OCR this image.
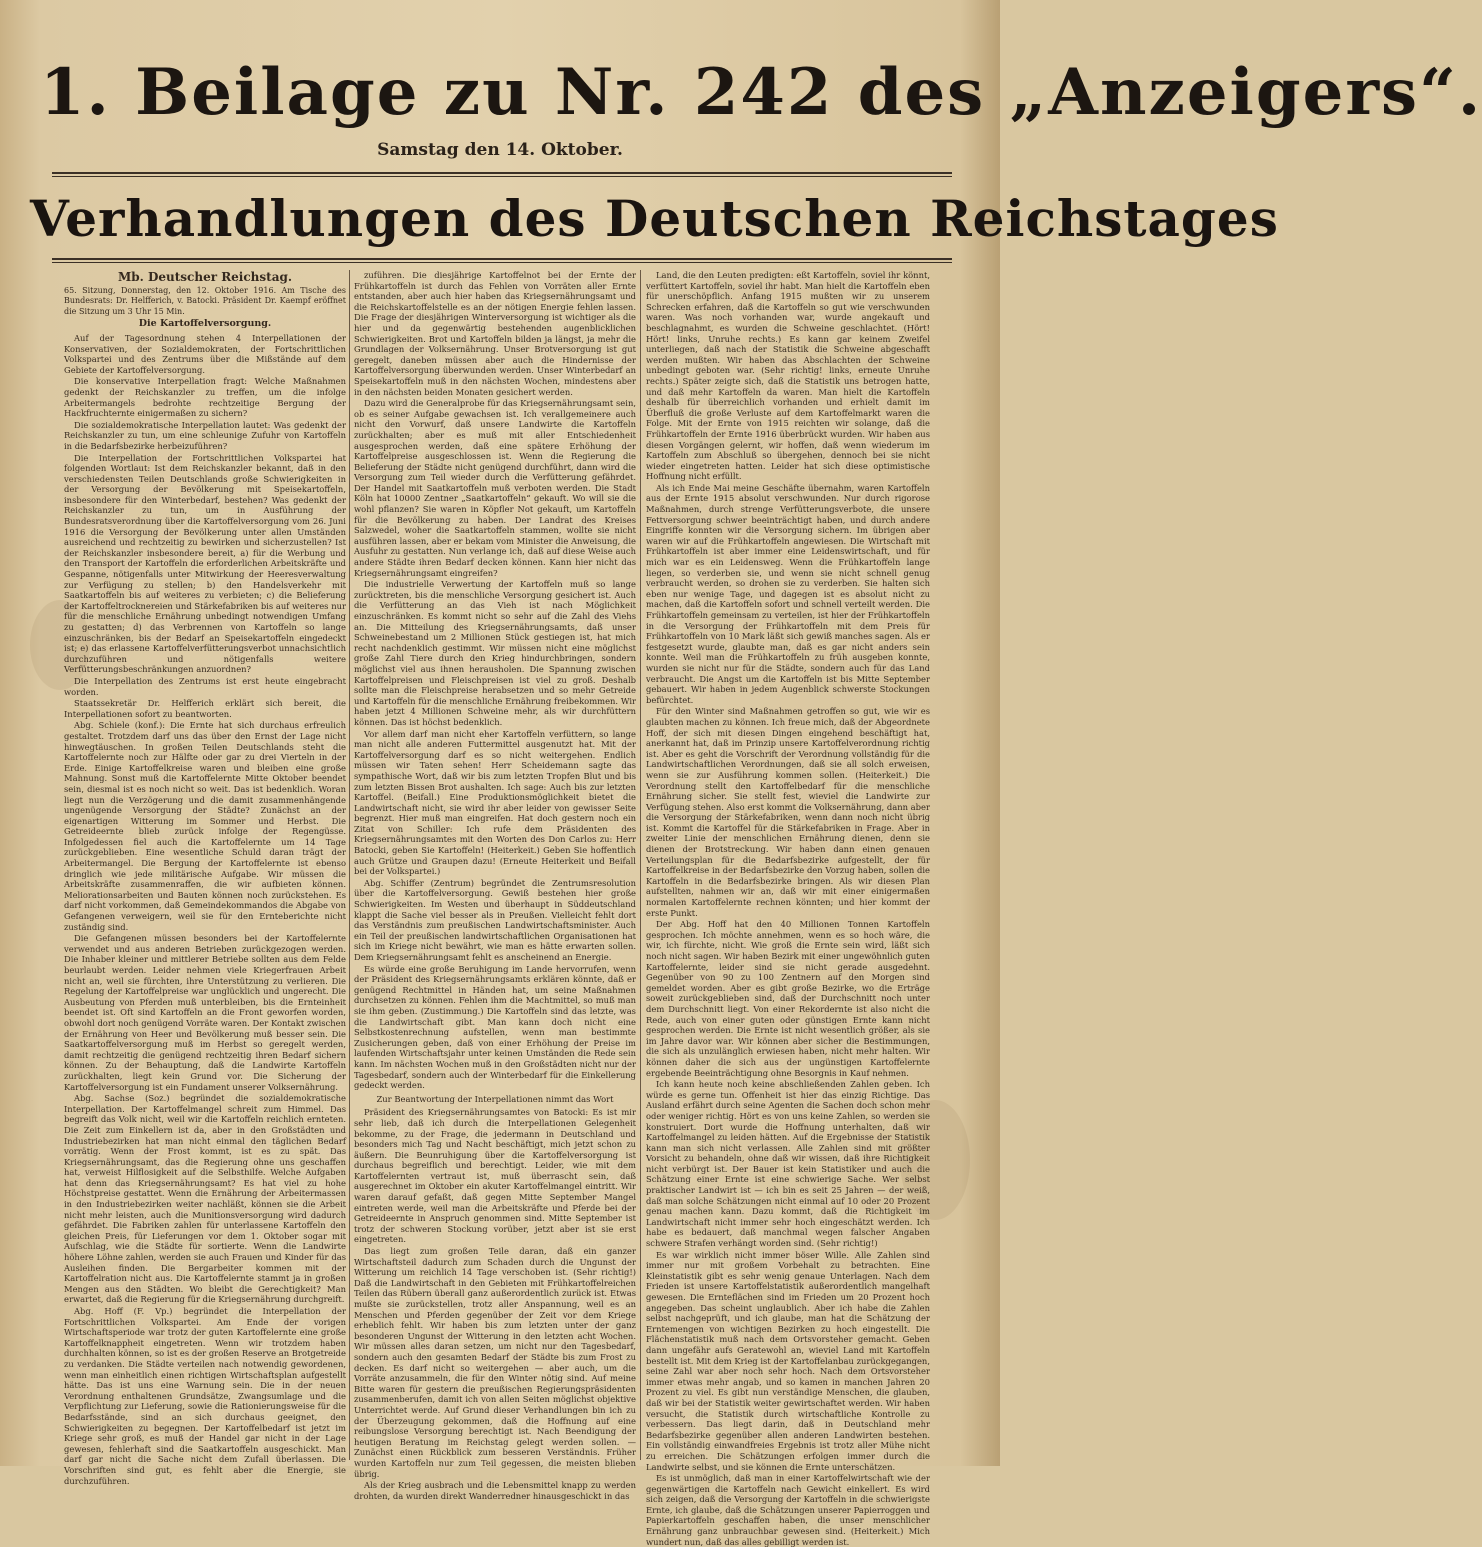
1. Beilage zu Nr. 242 des „Anzeigers“.
Samstag den 14. Oktober.
Verhandlungen des Deutschen Reichstages

Mb. Deutscher Reichstag.

65. Sitzung, Donnerstag, den 12. Oktober 1916. Am Tische des Bundesrats: Dr. Helfferich, v. Batocki. Präsident Dr. Kaempf eröffnet die Sitzung um 3 Uhr 15 Min.

Die Kartoffelversorgung.

Auf der Tagesordnung stehen 4 Interpellationen der Konservativen, der Sozialdemokraten, der Fortschrittlichen Volkspartei und des Zentrums über die Mißstände auf dem Gebiete der Kartoffelversorgung.

Die konservative Interpellation fragt: Welche Maßnahmen gedenkt der Reichskanzler zu treffen, um die infolge Arbeitermangels bedrohte rechtzeitige Bergung der Hackfruchternte einigermaßen zu sichern?

Die sozialdemokratische Interpellation lautet: Was gedenkt der Reichskanzler zu tun, um eine schleunige Zufuhr von Kartoffeln in die Bedarfsbezirke herbeizuführen?

Die Interpellation der Fortschrittlichen Volkspartei hat folgenden Wortlaut: Ist dem Reichskanzler bekannt, daß in den verschiedensten Teilen Deutschlands große Schwierigkeiten in der Versorgung der Bevölkerung mit Speisekartoffeln, insbesondere für den Winterbedarf, bestehen? Was gedenkt der Reichskanzler zu tun, um in Ausführung der Bundesratsverordnung über die Kartoffelversorgung vom 26. Juni 1916 die Versorgung der Bevölkerung unter allen Umständen ausreichend und rechtzeitig zu bewirken und sicherzustellen? Ist der Reichskanzler insbesondere bereit, a) für die Werbung und den Transport der Kartoffeln die erforderlichen Arbeitskräfte und Gespanne, nötigenfalls unter Mitwirkung der Heeresverwaltung zur Verfügung zu stellen; b) den Handelsverkehr mit Saatkartoffeln bis auf weiteres zu verbieten; c) die Belieferung der Kartoffeltrocknereien und Stärkefabriken bis auf weiteres nur für die menschliche Ernährung unbedingt notwendigen Umfang zu gestatten; d) das Verbrennen von Kartoffeln so lange einzuschränken, bis der Bedarf an Speisekartoffeln eingedeckt ist; e) das erlassene Kartoffelverfütterungsverbot unnachsichtlich durchzuführen und nötigenfalls weitere Verfütterungsbeschränkungen anzuordnen?

Die Interpellation des Zentrums ist erst heute eingebracht worden.

Staatssekretär Dr. Helfferich erklärt sich bereit, die Interpellationen sofort zu beantworten.

Abg. Schiele (konf.): Die Ernte hat sich durchaus erfreulich gestaltet. Trotzdem darf uns das über den Ernst der Lage nicht hinwegtäuschen. In großen Teilen Deutschlands steht die Kartoffelernte noch zur Hälfte oder gar zu drei Vierteln in der Erde. Einige Kartoffelkreise waren und bleiben eine große Mahnung. Sonst muß die Kartoffelernte Mitte Oktober beendet sein, diesmal ist es noch nicht so weit. Das ist bedenklich. Woran liegt nun die Verzögerung und die damit zusammenhängende ungenügende Versorgung der Städte? Zunächst an der eigenartigen Witterung im Sommer und Herbst. Die Getreideernte blieb zurück infolge der Regengüsse. Infolgedessen fiel auch die Kartoffelernte um 14 Tage zurückgeblieben. Eine wesentliche Schuld daran trägt der Arbeitermangel. Die Bergung der Kartoffelernte ist ebenso dringlich wie jede militärische Aufgabe. Wir müssen die Arbeitskräfte zusammenraffen, die wir aufbieten können. Meliorationsarbeiten und Bauten können noch zurückstehen. Es darf nicht vorkommen, daß Gemeindekommandos die Abgabe von Gefangenen verweigern, weil sie für den Ernteberichte nicht zuständig sind.

Die Gefangenen müssen besonders bei der Kartoffelernte verwendet und aus anderen Betrieben zurückgezogen werden. Die Inhaber kleiner und mittlerer Betriebe sollten aus dem Felde beurlaubt werden. Leider nehmen viele Kriegerfrauen Arbeit nicht an, weil sie fürchten, ihre Unterstützung zu verlieren. Die Regelung der Kartoffelpreise war unglücklich und ungerecht. Die Ausbeutung von Pferden muß unterbleiben, bis die Ernteinheit beendet ist. Oft sind Kartoffeln an die Front geworfen worden, obwohl dort noch genügend Vorräte waren. Der Kontakt zwischen der Ernährung von Heer und Bevölkerung muß besser sein. Die Saatkartoffelversorgung muß im Herbst so geregelt werden, damit rechtzeitig die genügend rechtzeitig ihren Bedarf sichern können. Zu der Behauptung, daß die Landwirte Kartoffeln zurückhalten, liegt kein Grund vor. Die Sicherung der Kartoffelversorgung ist ein Fundament unserer Volksernährung.

Abg. Sachse (Soz.) begründet die sozialdemokratische Interpellation. Der Kartoffelmangel schreit zum Himmel. Das begreift das Volk nicht, weil wir die Kartoffeln reichlich ernteten. Die Zeit zum Einkellern ist da, aber in den Großstädten und Industriebezirken hat man nicht einmal den täglichen Bedarf vorrätig. Wenn der Frost kommt, ist es zu spät. Das Kriegsernährungsamt, das die Regierung ohne uns geschaffen hat, verweist Hilflosigkeit auf die Selbsthilfe. Welche Aufgaben hat denn das Kriegsernährungsamt? Es hat viel zu hohe Höchstpreise gestattet. Wenn die Ernährung der Arbeitermassen in den Industriebezirken weiter nachläßt, können sie die Arbeit nicht mehr leisten, auch die Munitionsversorgung wird dadurch gefährdet. Die Fabriken zahlen für unterlassene Kartoffeln den gleichen Preis, für Lieferungen vor dem 1. Oktober sogar mit Aufschlag, wie die Städte für sortierte. Wenn die Landwirte höhere Löhne zahlen, werden sie auch Frauen und Kinder für das Ausleihen finden. Die Bergarbeiter kommen mit der Kartoffelration nicht aus. Die Kartoffelernte stammt ja in großen Mengen aus den Städten. Wo bleibt die Gerechtigkeit? Man erwartet, daß die Regierung für die Kriegsernährung durchgreift.

Abg. Hoff (F. Vp.) begründet die Interpellation der Fortschrittlichen Volkspartei. Am Ende der vorigen Wirtschaftsperiode war trotz der guten Kartoffelernte eine große Kartoffelknappheit eingetreten. Wenn wir trotzdem haben durchhalten können, so ist es der großen Reserve an Brotgetreide zu verdanken. Die Städte verteilen nach notwendig gewordenen, wenn man einheitlich einen richtigen Wirtschaftsplan aufgestellt hätte. Das ist uns eine Warnung sein. Die in der neuen Verordnung enthaltenen Grundsätze, Zwangsumlage und die Verpflichtung zur Lieferung, sowie die Rationierungsweise für die Bedarfsstände, sind an sich durchaus geeignet, den Schwierigkeiten zu begegnen. Der Kartoffelbedarf ist jetzt im Kriege sehr groß, es muß der Handel gar nicht in der Lage gewesen, fehlerhaft sind die Saatkartoffeln ausgeschickt. Man darf gar nicht die Sache nicht dem Zufall überlassen. Die Vorschriften sind gut, es fehlt aber die Energie, sie durchzuführen.

zuführen. Die diesjährige Kartoffelnot bei der Ernte der Frühkartoffeln ist durch das Fehlen von Vorräten aller Ernte entstanden, aber auch hier haben das Kriegsernährungsamt und die Reichskartoffelstelle es an der nötigen Energie fehlen lassen. Die Frage der diesjährigen Winterversorgung ist wichtiger als die hier und da gegenwärtig bestehenden augenblicklichen Schwierigkeiten. Brot und Kartoffeln bilden ja längst, ja mehr die Grundlagen der Volksernährung. Unser Brotversorgung ist gut geregelt, daneben müssen aber auch die Hindernisse der Kartoffelversorgung überwunden werden. Unser Winterbedarf an Speisekartoffeln muß in den nächsten Wochen, mindestens aber in den nächsten beiden Monaten gesichert werden.

Dazu wird die Generalprobe für das Kriegsernährungsamt sein, ob es seiner Aufgabe gewachsen ist. Ich verallgemeinere auch nicht den Vorwurf, daß unsere Landwirte die Kartoffeln zurückhalten; aber es muß mit aller Entschiedenheit ausgesprochen werden, daß eine spätere Erhöhung der Kartoffelpreise ausgeschlossen ist. Wenn die Regierung die Belieferung der Städte nicht genügend durchführt, dann wird die Versorgung zum Teil wieder durch die Verfütterung gefährdet. Der Handel mit Saatkartoffeln muß verboten werden. Die Stadt Köln hat 10000 Zentner „Saatkartoffeln“ gekauft. Wo will sie die wohl pflanzen? Sie waren in Köpfler Not gekauft, um Kartoffeln für die Bevölkerung zu haben. Der Landrat des Kreises Salzwedel, woher die Saatkartoffeln stammen, wollte sie nicht ausführen lassen, aber er bekam vom Minister die Anweisung, die Ausfuhr zu gestatten. Nun verlange ich, daß auf diese Weise auch andere Städte ihren Bedarf decken können. Kann hier nicht das Kriegsernährungsamt eingreifen?

Die industrielle Verwertung der Kartoffeln muß so lange zurücktreten, bis die menschliche Versorgung gesichert ist. Auch die Verfütterung an das Vieh ist nach Möglichkeit einzuschränken. Es kommt nicht so sehr auf die Zahl des Viehs an. Die Mitteilung des Kriegsernährungsamts, daß unser Schweinebestand um 2 Millionen Stück gestiegen ist, hat mich recht nachdenklich gestimmt. Wir müssen nicht eine möglichst große Zahl Tiere durch den Krieg hindurchbringen, sondern möglichst viel aus ihnen herausholen. Die Spannung zwischen Kartoffelpreisen und Fleischpreisen ist viel zu groß. Deshalb sollte man die Fleischpreise herabsetzen und so mehr Getreide und Kartoffeln für die menschliche Ernährung freibekommen. Wir haben jetzt 4 Millionen Schweine mehr, als wir durchfüttern können. Das ist höchst bedenklich.

Vor allem darf man nicht eher Kartoffeln verfüttern, so lange man nicht alle anderen Futtermittel ausgenutzt hat. Mit der Kartoffelversorgung darf es so nicht weitergehen. Endlich müssen wir Taten sehen! Herr Scheidemann sagte das sympathische Wort, daß wir bis zum letzten Tropfen Blut und bis zum letzten Bissen Brot aushalten. Ich sage: Auch bis zur letzten Kartoffel. (Beifall.) Eine Produktionsmöglichkeit bietet die Landwirtschaft nicht, sie wird ihr aber leider von gewisser Seite begrenzt. Hier muß man eingreifen. Hat doch gestern noch ein Zitat von Schiller: Ich rufe dem Präsidenten des Kriegsernährungsamtes mit den Worten des Don Carlos zu: Herr Batocki, geben Sie Kartoffeln! (Heiterkeit.) Geben Sie hoffentlich auch Grütze und Graupen dazu! (Erneute Heiterkeit und Beifall bei der Volkspartei.)

Abg. Schiffer (Zentrum) begründet die Zentrumsresolution über die Kartoffelversorgung. Gewiß bestehen hier große Schwierigkeiten. Im Westen und überhaupt in Süddeutschland klappt die Sache viel besser als in Preußen. Vielleicht fehlt dort das Verständnis zum preußischen Landwirtschaftsminister. Auch ein Teil der preußischen landwirtschaftlichen Organisationen hat sich im Kriege nicht bewährt, wie man es hätte erwarten sollen. Dem Kriegsernährungsamt fehlt es anscheinend an Energie.

Es würde eine große Beruhigung im Lande hervorrufen, wenn der Präsident des Kriegsernährungsamts erklären könnte, daß er genügend Rechtmittel in Händen hat, um seine Maßnahmen durchsetzen zu können. Fehlen ihm die Machtmittel, so muß man sie ihm geben. (Zustimmung.) Die Kartoffeln sind das letzte, was die Landwirtschaft gibt. Man kann doch nicht eine Selbstkostenrechnung aufstellen, wenn man bestimmte Zusicherungen geben, daß von einer Erhöhung der Preise im laufenden Wirtschaftsjahr unter keinen Umständen die Rede sein kann. Im nächsten Wochen muß in den Großstädten nicht nur der Tagesbedarf, sondern auch der Winterbedarf für die Einkellerung gedeckt werden.

Zur Beantwortung der Interpellationen nimmt das Wort

Präsident des Kriegsernährungsamtes von Batocki: Es ist mir sehr lieb, daß ich durch die Interpellationen Gelegenheit bekomme, zu der Frage, die jedermann in Deutschland und besonders mich Tag und Nacht beschäftigt, mich jetzt schon zu äußern. Die Beunruhigung über die Kartoffelversorgung ist durchaus begreiflich und berechtigt. Leider, wie mit dem Kartoffelernten vertraut ist, muß überrascht sein, daß ausgerechnet im Oktober ein akuter Kartoffelmangel eintritt. Wir waren darauf gefaßt, daß gegen Mitte September Mangel eintreten werde, weil man die Arbeitskräfte und Pferde bei der Getreideernte in Anspruch genommen sind. Mitte September ist trotz der schweren Stockung vorüber, jetzt aber ist sie erst eingetreten.

Das liegt zum großen Teile daran, daß ein ganzer Wirtschaftsteil dadurch zum Schaden durch die Ungunst der Witterung um reichlich 14 Tage verschoben ist. (Sehr richtig!) Daß die Landwirtschaft in den Gebieten mit Frühkartoffelreichen Teilen das Rübern überall ganz außerordentlich zurück ist. Etwas mußte sie zurückstellen, trotz aller Anspannung, weil es an Menschen und Pferden gegenüber der Zeit vor dem Kriege erheblich fehlt. Wir haben bis zum letzten unter der ganz besonderen Ungunst der Witterung in den letzten acht Wochen. Wir müssen alles daran setzen, um nicht nur den Tagesbedarf, sondern auch den gesamten Bedarf der Städte bis zum Frost zu decken. Es darf nicht so weitergehen — aber auch, um die Vorräte anzusammeln, die für den Winter nötig sind. Auf meine Bitte waren für gestern die preußischen Regierungspräsidenten zusammenberufen, damit ich von allen Seiten möglichst objektive Unterrichtet werde. Auf Grund dieser Verhandlungen bin ich zu der Überzeugung gekommen, daß die Hoffnung auf eine reibungslose Versorgung berechtigt ist. Nach Beendigung der heutigen Beratung im Reichstag gelegt werden sollen. — Zunächst einen Rückblick zum besseren Verständnis. Früher wurden Kartoffeln nur zum Teil gegessen, die meisten blieben übrig.

Als der Krieg ausbrach und die Lebensmittel knapp zu werden drohten, da wurden direkt Wanderredner hinausgeschickt in das

Land, die den Leuten predigten: eßt Kartoffeln, soviel ihr könnt, verfüttert Kartoffeln, soviel ihr habt. Man hielt die Kartoffeln eben für unerschöpflich. Anfang 1915 mußten wir zu unserem Schrecken erfahren, daß die Kartoffeln so gut wie verschwunden waren. Was noch vorhanden war, wurde angekauft und beschlagnahmt, es wurden die Schweine geschlachtet. (Hört! Hört! links, Unruhe rechts.) Es kann gar keinem Zweifel unterliegen, daß nach der Statistik die Schweine abgeschafft werden mußten. Wir haben das Abschlachten der Schweine unbedingt geboten war. (Sehr richtig! links, erneute Unruhe rechts.) Später zeigte sich, daß die Statistik uns betrogen hatte, und daß mehr Kartoffeln da waren. Man hielt die Kartoffeln deshalb für überreichlich vorhanden und erhielt damit im Überfluß die große Verluste auf dem Kartoffelmarkt waren die Folge. Mit der Ernte von 1915 reichten wir solange, daß die Frühkartoffeln der Ernte 1916 überbrückt wurden. Wir haben aus diesen Vorgängen gelernt, wir hoffen, daß wenn wiederum im Kartoffeln zum Abschluß so übergehen, dennoch bei sie nicht wieder eingetreten hatten. Leider hat sich diese optimistische Hoffnung nicht erfüllt.

Als ich Ende Mai meine Geschäfte übernahm, waren Kartoffeln aus der Ernte 1915 absolut verschwunden. Nur durch rigorose Maßnahmen, durch strenge Verfütterungsverbote, die unsere Fettversorgung schwer beeinträchtigt haben, und durch andere Eingriffe konnten wir die Versorgung sichern. Im übrigen aber waren wir auf die Frühkartoffeln angewiesen. Die Wirtschaft mit Frühkartoffeln ist aber immer eine Leidenswirtschaft, und für mich war es ein Leidensweg. Wenn die Frühkartoffeln lange liegen, so verderben sie, und wenn sie nicht schnell genug verbraucht werden, so drohen sie zu verderben. Sie halten sich eben nur wenige Tage, und dagegen ist es absolut nicht zu machen, daß die Kartoffeln sofort und schnell verteilt werden. Die Frühkartoffeln gemeinsam zu verteilen, ist hier der Frühkartoffeln in die Versorgung der Frühkartoffeln mit dem Preis für Frühkartoffeln von 10 Mark läßt sich gewiß manches sagen. Als er festgesetzt wurde, glaubte man, daß es gar nicht anders sein konnte. Weil man die Frühkartoffeln zu früh ausgeben konnte, wurden sie nicht nur für die Städte, sondern auch für das Land verbraucht. Die Angst um die Kartoffeln ist bis Mitte September gebauert. Wir haben in jedem Augenblick schwerste Stockungen befürchtet.

Für den Winter sind Maßnahmen getroffen so gut, wie wir es glaubten machen zu können. Ich freue mich, daß der Abgeordnete Hoff, der sich mit diesen Dingen eingehend beschäftigt hat, anerkannt hat, daß im Prinzip unsere Kartoffelverordnung richtig ist. Aber es geht die Vorschrift der Verordnung vollständig für die Landwirtschaftlichen Verordnungen, daß sie all solch erweisen, wenn sie zur Ausführung kommen sollen. (Heiterkeit.) Die Verordnung stellt den Kartoffelbedarf für die menschliche Ernährung sicher. Sie stellt fest, wieviel die Landwirte zur Verfügung stehen. Also erst kommt die Volksernährung, dann aber die Versorgung der Stärkefabriken, wenn dann noch nicht übrig ist. Kommt die Kartoffel für die Stärkefabriken in Frage. Aber in zweiter Linie der menschlichen Ernährung dienen, denn sie dienen der Brotstreckung. Wir haben dann einen genauen Verteilungsplan für die Bedarfsbezirke aufgestellt, der für Kartoffelkreise in der Bedarfsbezirke den Vorzug haben, sollen die Kartoffeln in die Bedarfsbezirke bringen. Als wir diesen Plan aufstellten, nahmen wir an, daß wir mit einer einigermaßen normalen Kartoffelernte rechnen könnten; und hier kommt der erste Punkt.

Der Abg. Hoff hat den 40 Millionen Tonnen Kartoffeln gesprochen. Ich möchte annehmen, wenn es so hoch wäre, die wir, ich fürchte, nicht. Wie groß die Ernte sein wird, läßt sich noch nicht sagen. Wir haben Bezirk mit einer ungewöhnlich guten Kartoffelernte, leider sind sie nicht gerade ausgedehnt. Gegenüber von 90 zu 100 Zentnern auf den Morgen sind gemeldet worden. Aber es gibt große Bezirke, wo die Erträge soweit zurückgeblieben sind, daß der Durchschnitt noch unter dem Durchschnitt liegt. Von einer Rekordernte ist also nicht die Rede, auch von einer guten oder günstigen Ernte kann nicht gesprochen werden. Die Ernte ist nicht wesentlich größer, als sie im Jahre davor war. Wir können aber sicher die Bestimmungen, die sich als unzulänglich erwiesen haben, nicht mehr halten. Wir können daher die sich aus der ungünstigen Kartoffelernte ergebende Beeinträchtigung ohne Besorgnis in Kauf nehmen.

Ich kann heute noch keine abschließenden Zahlen geben. Ich würde es gerne tun. Offenheit ist hier das einzig Richtige. Das Ausland erfährt durch seine Agenten die Sachen doch schon mehr oder weniger richtig. Hört es von uns keine Zahlen, so werden sie konstruiert. Dort wurde die Hoffnung unterhalten, daß wir Kartoffelmangel zu leiden hätten. Auf die Ergebnisse der Statistik kann man sich nicht verlassen. Alle Zahlen sind mit größter Vorsicht zu behandeln, ohne daß wir wissen, daß ihre Richtigkeit nicht verbürgt ist. Der Bauer ist kein Statistiker und auch die Schätzung einer Ernte ist eine schwierige Sache. Wer selbst praktischer Landwirt ist — ich bin es seit 25 Jahren — der weiß, daß man solche Schätzungen nicht einmal auf 10 oder 20 Prozent genau machen kann. Dazu kommt, daß die Richtigkeit im Landwirtschaft nicht immer sehr hoch eingeschätzt werden. Ich habe es bedauert, daß manchmal wegen falscher Angaben schwere Strafen verhängt worden sind. (Sehr richtig!)

Es war wirklich nicht immer böser Wille. Alle Zahlen sind immer nur mit großem Vorbehalt zu betrachten. Eine Kleinstatistik gibt es sehr wenig genaue Unterlagen. Nach dem Frieden ist unsere Kartoffelstatistik außerordentlich mangelhaft gewesen. Die Ernteflächen sind im Frieden um 20 Prozent hoch angegeben. Das scheint unglaublich. Aber ich habe die Zahlen selbst nachgeprüft, und ich glaube, man hat die Schätzung der Erntemengen von wichtigen Bezirken zu hoch eingestellt. Die Flächenstatistik muß nach dem Ortsvorsteher gemacht. Geben dann ungefähr aufs Geratewohl an, wieviel Land mit Kartoffeln bestellt ist. Mit dem Krieg ist der Kartoffelanbau zurückgegangen, seine Zahl war aber noch sehr hoch. Nach dem Ortsvorsteher immer etwas mehr angab, und so kamen in manchen Jahren 20 Prozent zu viel. Es gibt nun verständige Menschen, die glauben, daß wir bei der Statistik weiter gewirtschaftet werden. Wir haben versucht, die Statistik durch wirtschaftliche Kontrolle zu verbessern. Das liegt darin, daß in Deutschland mehr Bedarfsbezirke gegenüber allen anderen Landwirten bestehen. Ein vollständig einwandfreies Ergebnis ist trotz aller Mühe nicht zu erreichen. Die Schätzungen erfolgen immer durch die Landwirte selbst, und sie können die Ernte unterschätzen.

Es ist unmöglich, daß man in einer Kartoffelwirtschaft wie der gegenwärtigen die Kartoffeln nach Gewicht einkellert. Es wird sich zeigen, daß die Versorgung der Kartoffeln in die schwierigste Ernte, ich glaube, daß die Schätzungen unserer Papierroggen und Papierkartoffeln geschaffen haben, die unser menschlicher Ernährung ganz unbrauchbar gewesen sind. (Heiterkeit.) Mich wundert nun, daß das alles gebilligt werden ist.
